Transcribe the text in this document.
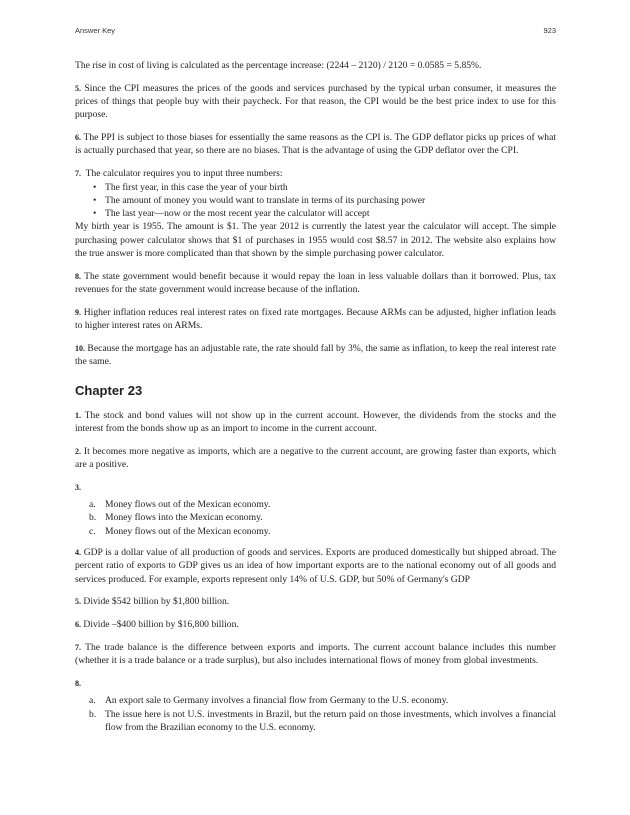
Answer Key	923

The rise in cost of living is calculated as the percentage increase: (2244 – 2120) / 2120 = 0.0585 = 5.85%.

5. Since the CPI measures the prices of the goods and services purchased by the typical urban consumer, it measures the prices of things that people buy with their paycheck. For that reason, the CPI would be the best price index to use for this purpose.

6. The PPI is subject to those biases for essentially the same reasons as the CPI is. The GDP deflator picks up prices of what is actually purchased that year, so there are no biases. That is the advantage of using the GDP deflator over the CPI.

7. The calculator requires you to input three numbers:

• The first year, in this case the year of your birth
• The amount of money you would want to translate in terms of its purchasing power
• The last year—now or the most recent year the calculator will accept

My birth year is 1955. The amount is $1. The year 2012 is currently the latest year the calculator will accept. The simple purchasing power calculator shows that $1 of purchases in 1955 would cost $8.57 in 2012. The website also explains how the true answer is more complicated than that shown by the simple purchasing power calculator.

8. The state government would benefit because it would repay the loan in less valuable dollars than it borrowed. Plus, tax revenues for the state government would increase because of the inflation.

9. Higher inflation reduces real interest rates on fixed rate mortgages. Because ARMs can be adjusted, higher inflation leads to higher interest rates on ARMs.

10. Because the mortgage has an adjustable rate, the rate should fall by 3%, the same as inflation, to keep the real interest rate the same.

Chapter 23

1. The stock and bond values will not show up in the current account. However, the dividends from the stocks and the interest from the bonds show up as an import to income in the current account.

2. It becomes more negative as imports, which are a negative to the current account, are growing faster than exports, which are a positive.

3.

a. Money flows out of the Mexican economy.
b. Money flows into the Mexican economy.
c. Money flows out of the Mexican economy.

4. GDP is a dollar value of all production of goods and services. Exports are produced domestically but shipped abroad. The percent ratio of exports to GDP gives us an idea of how important exports are to the national economy out of all goods and services produced. For example, exports represent only 14% of U.S. GDP, but 50% of Germany's GDP

5. Divide $542 billion by $1,800 billion.

6. Divide –$400 billion by $16,800 billion.

7. The trade balance is the difference between exports and imports. The current account balance includes this number (whether it is a trade balance or a trade surplus), but also includes international flows of money from global investments.

8.

a. An export sale to Germany involves a financial flow from Germany to the U.S. economy.
b. The issue here is not U.S. investments in Brazil, but the return paid on those investments, which involves a financial flow from the Brazilian economy to the U.S. economy.
